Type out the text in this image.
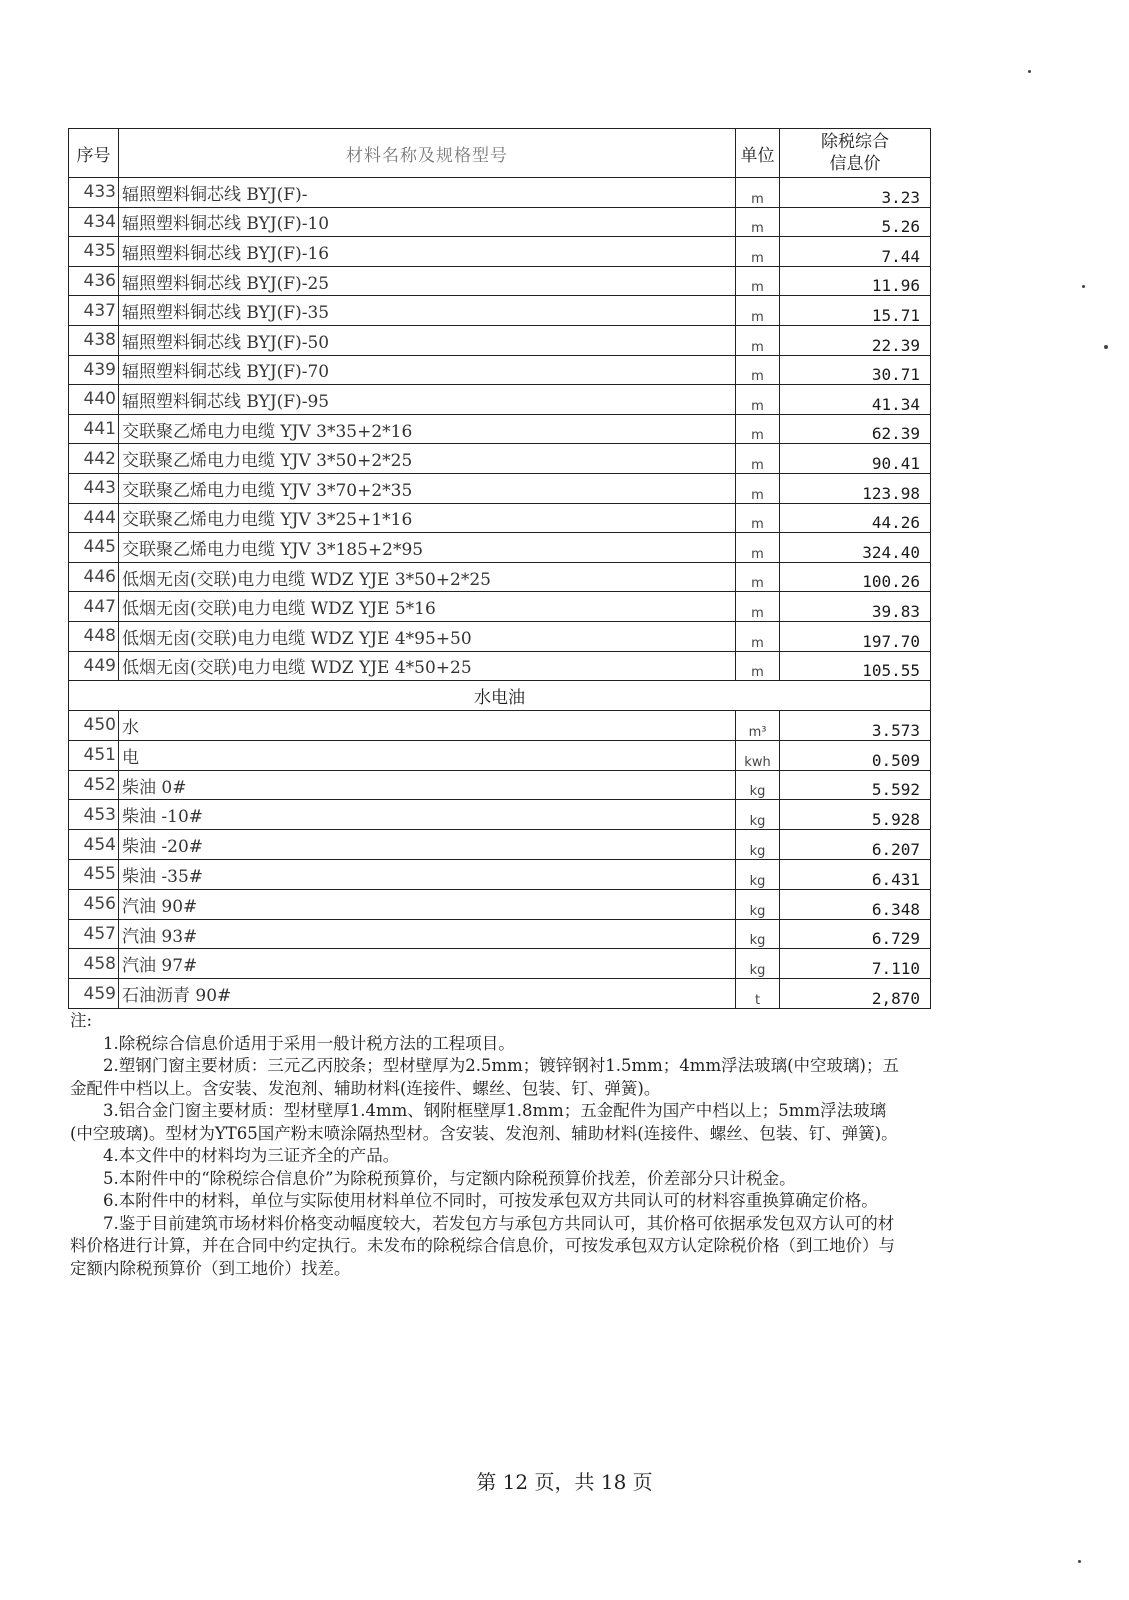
序号	材料名称及规格型号	单位	除税综合
信息价
433	辐照塑料铜芯线 BYJ(F)-	m	3.23
434	辐照塑料铜芯线 BYJ(F)-10	m	5.26
435	辐照塑料铜芯线 BYJ(F)-16	m	7.44
436	辐照塑料铜芯线 BYJ(F)-25	m	11.96
437	辐照塑料铜芯线 BYJ(F)-35	m	15.71
438	辐照塑料铜芯线 BYJ(F)-50	m	22.39
439	辐照塑料铜芯线 BYJ(F)-70	m	30.71
440	辐照塑料铜芯线 BYJ(F)-95	m	41.34
441	交联聚乙烯电力电缆 YJV 3*35+2*16	m	62.39
442	交联聚乙烯电力电缆 YJV 3*50+2*25	m	90.41
443	交联聚乙烯电力电缆 YJV 3*70+2*35	m	123.98
444	交联聚乙烯电力电缆 YJV 3*25+1*16	m	44.26
445	交联聚乙烯电力电缆 YJV 3*185+2*95	m	324.40
446	低烟无卤(交联)电力电缆 WDZ YJE 3*50+2*25	m	100.26
447	低烟无卤(交联)电力电缆 WDZ YJE 5*16	m	39.83
448	低烟无卤(交联)电力电缆 WDZ YJE 4*95+50	m	197.70
449	低烟无卤(交联)电力电缆 WDZ YJE 4*50+25	m	105.55
水电油			
450	水	m³	3.573
451	电	kwh	0.509
452	柴油 0#	kg	5.592
453	柴油 -10#	kg	5.928
454	柴油 -20#	kg	6.207
455	柴油 -35#	kg	6.431
456	汽油 90#	kg	6.348
457	汽油 93#	kg	6.729
458	汽油 97#	kg	7.110
459	石油沥青 90#	t	2,870
注:

1.除税综合信息价适用于采用一般计税方法的工程项目。

2.塑钢门窗主要材质：三元乙丙胶条；型材壁厚为2.5mm；镀锌钢衬1.5mm；4mm浮法玻璃(中空玻璃)；五金配件中档以上。含安装、发泡剂、辅助材料(连接件、螺丝、包装、钉、弹簧)。

3.铝合金门窗主要材质：型材壁厚1.4mm、钢附框壁厚1.8mm；五金配件为国产中档以上；5mm浮法玻璃(中空玻璃)。型材为YT65国产粉末喷涂隔热型材。含安装、发泡剂、辅助材料(连接件、螺丝、包装、钉、弹簧)。

4.本文件中的材料均为三证齐全的产品。

5.本附件中的“除税综合信息价”为除税预算价，与定额内除税预算价找差，价差部分只计税金。

6.本附件中的材料，单位与实际使用材料单位不同时，可按发承包双方共同认可的材料容重换算确定价格。

7.鉴于目前建筑市场材料价格变动幅度较大，若发包方与承包方共同认可，其价格可依据承发包双方认可的材料价格进行计算，并在合同中约定执行。未发布的除税综合信息价，可按发承包双方认定除税价格（到工地价）与定额内除税预算价（到工地价）找差。

第 12 页，共 18 页
